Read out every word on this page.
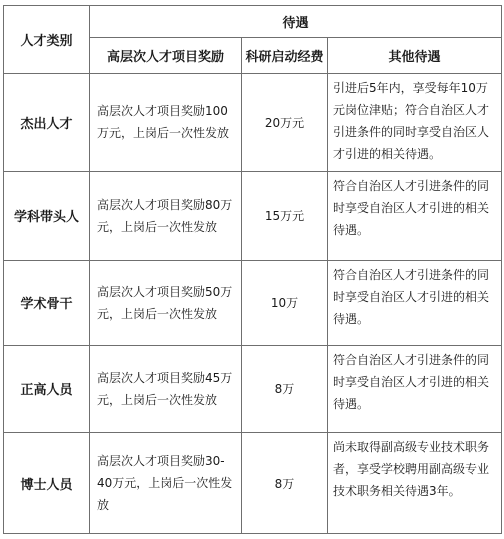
人才类别	待遇		
	高层次人才项目奖励	科研启动经费	其他待遇
杰出人才	高层次人才项目奖励100万元，上岗后一次性发放	20万元	引进后5年内，享受每年10万元岗位津贴；符合自治区人才引进条件的同时享受自治区人才引进的相关待遇。
学科带头人	高层次人才项目奖励80万元，上岗后一次性发放	15万元	符合自治区人才引进条件的同时享受自治区人才引进的相关待遇。
学术骨干	高层次人才项目奖励50万元，上岗后一次性发放	10万	符合自治区人才引进条件的同时享受自治区人才引进的相关待遇。
正高人员	高层次人才项目奖励45万元，上岗后一次性发放	8万	符合自治区人才引进条件的同时享受自治区人才引进的相关待遇。
博士人员	高层次人才项目奖励30-40万元，上岗后一次性发放	8万	尚未取得副高级专业技术职务者，享受学校聘用副高级专业技术职务相关待遇3年。
